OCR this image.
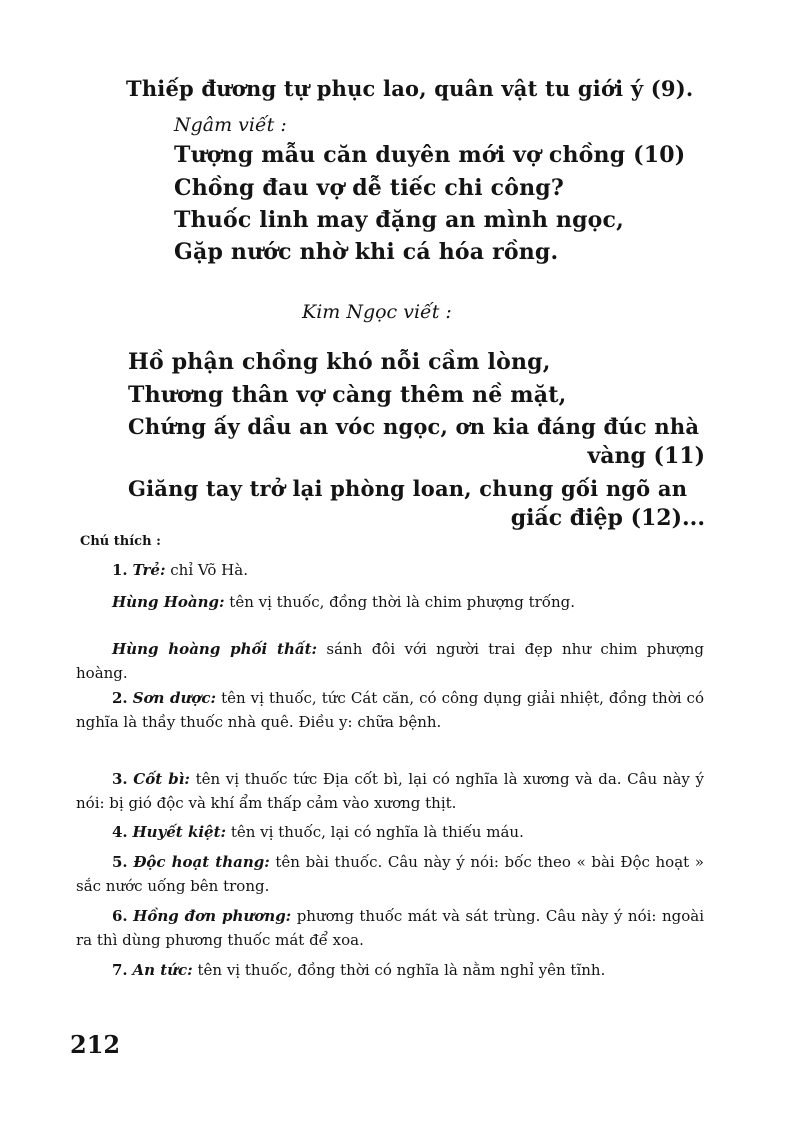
Thiếp đương tự phục lao, quân vật tu giới ý (9).
Ngâm viết :
Tượng mẫu căn duyên mới vợ chồng (10)
Chồng đau vợ dễ tiếc chi công?
Thuốc linh may đặng an mình ngọc,
Gặp nước nhờ khi cá hóa rồng.
Kim Ngọc viết :
Hồ phận chồng khó nỗi cầm lòng,
Thương thân vợ càng thêm nề mặt,
Chứng ấy dầu an vóc ngọc, ơn kia đáng đúc nhà
vàng (11)
Giăng tay trở lại phòng loan, chung gối ngõ an
giấc điệp (12)...
Chú thích :
1. Trẻ: chỉ Võ Hà.
Hùng Hoàng: tên vị thuốc, đồng thời là chim phượng trống.
Hùng hoàng phối thất: sánh đôi với người trai đẹp như chim phượng hoàng.
2. Sơn dược: tên vị thuốc, tức Cát căn, có công dụng giải nhiệt, đồng thời có nghĩa là thầy thuốc nhà quê. Điều y: chữa bệnh.
3. Cốt bì: tên vị thuốc tức Địa cốt bì, lại có nghĩa là xương và da. Câu này ý nói: bị gió độc và khí ẩm thấp cảm vào xương thịt.
4. Huyết kiệt: tên vị thuốc, lại có nghĩa là thiếu máu.
5. Độc hoạt thang: tên bài thuốc. Câu này ý nói: bốc theo « bài Độc hoạt » sắc nước uống bên trong.
6. Hồng đơn phương: phương thuốc mát và sát trùng. Câu này ý nói: ngoài ra thì dùng phương thuốc mát để xoa.
7. An tức: tên vị thuốc, đồng thời có nghĩa là nằm nghỉ yên tĩnh.
212
